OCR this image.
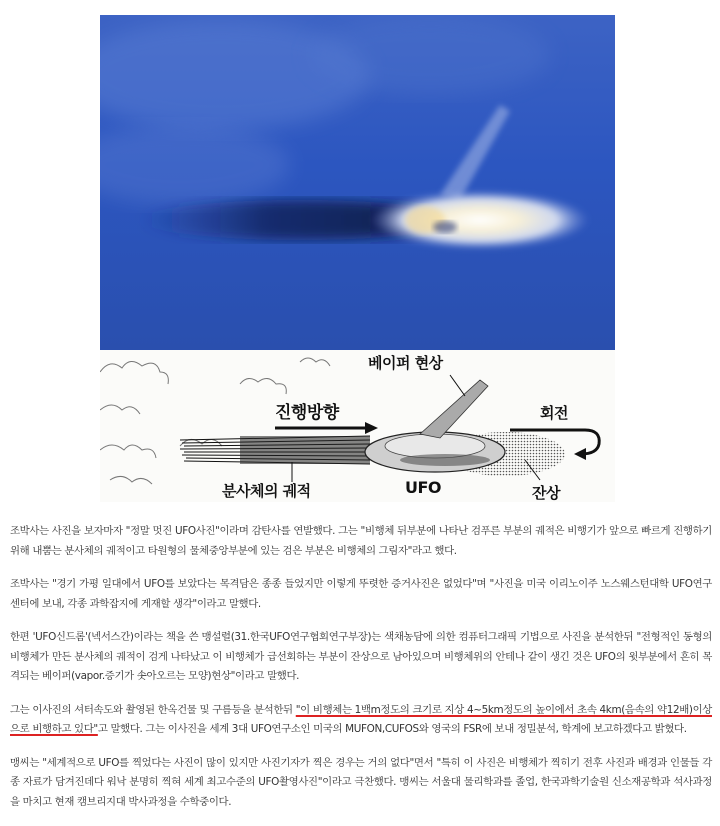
베이퍼 현상
진행방향	회전
분사체의 궤적	UFO	잔상

조박사는 사진을 보자마자 "정말 멋진 UFO사진"이라며 감탄사를 연발했다. 그는 "비행체 뒤부분에 나타난 검푸른 부분의 궤적은 비행기가 앞으로 빠르게 진행하기 위해 내뿜는 분사체의 궤적이고 타원형의 물체중앙부분에 있는 검은 부분은 비행체의 그림자"라고 했다.

조박사는 "경기 가평 일대에서 UFO를 보았다는 목격담은 종종 들었지만 이렇게 뚜렷한 증거사진은 없었다"며 "사진을 미국 이리노이주 노스웨스턴대학 UFO연구 센터에 보내, 각종 과학잡지에 게재할 생각"이라고 말했다.

한편 'UFO신드롬'(넥서스간)이라는 책을 쓴 맹설렬(31.한국UFO연구협회연구부장)는 색채농담에 의한 컴퓨터그래픽 기법으로 사진을 분석한뒤 "전형적인 동형의 비행체가 만든 분사체의 궤적이 검게 나타났고 이 비행체가 급선회하는 부분이 잔상으로 남아있으며 비행체위의 안테나 같이 생긴 것은 UFO의 윗부분에서 흔히 목격되는 베이퍼(vapor.증기가 솟아오르는 모양)현상"이라고 말했다.

그는 이사진의 셔터속도와 촬영된 한옥건물 및 구름등을 분석한뒤 "이 비행체는 1백m정도의 크기로 지상 4~5km정도의 높이에서 초속 4km(음속의 약12배)이상으로 비행하고 있다"고 말했다. 그는 이사진을 세계 3대 UFO연구소인 미국의 MUFON,CUFOS와 영국의 FSR에 보내 정밀분석, 학계에 보고하겠다고 밝혔다.

맹씨는 "세계적으로 UFO를 찍었다는 사진이 많이 있지만 사진기자가 찍은 경우는 거의 없다"면서 "특히 이 사진은 비행체가 찍히기 전후 사진과 배경과 인물들 각종 자료가 담겨진데다 워낙 분명히 찍혀 세계 최고수준의 UFO촬영사진"이라고 극찬했다. 맹씨는 서울대 물리학과를 졸업, 한국과학기술원 신소재공학과 석사과정을 마치고 현재 캠브리지대 박사과정을 수학중이다.
